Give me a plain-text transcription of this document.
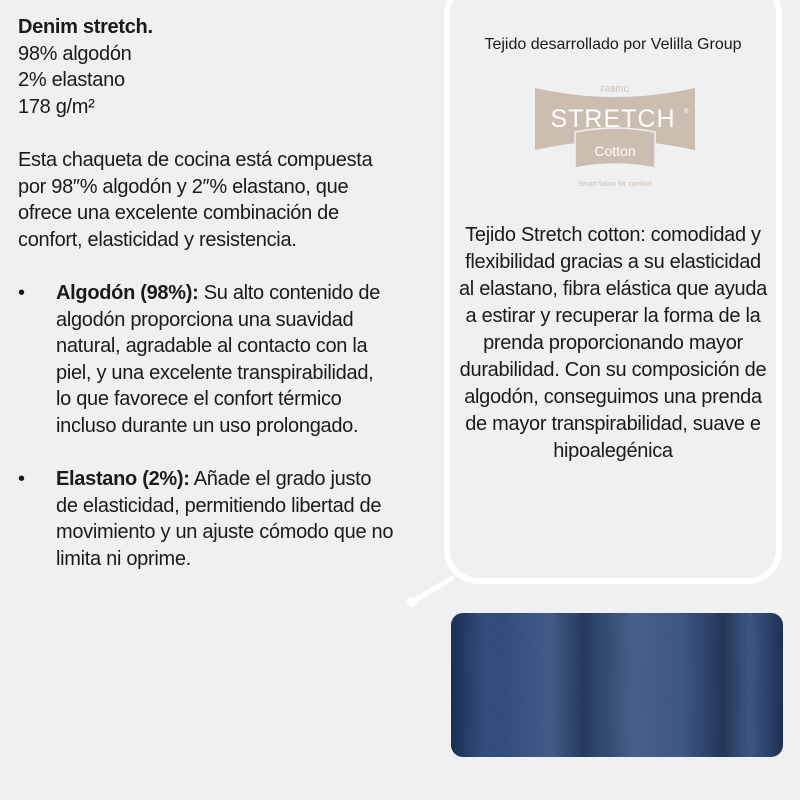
Denim stretch.

98% algodón

2% elastano

178 g/m²

Esta chaqueta de cocina está compuesta por 98″% algodón y 2″% elastano, que ofrece una excelente combinación de confort, elasticidad y resistencia.

• Algodón (98%): Su alto contenido de algodón proporciona una suavidad natural, agradable al contacto con la piel, y una excelente transpirabilidad, lo que favorece el confort térmico incluso durante un uso prolongado.
• Elastano (2%): Añade el grado justo de elasticidad, permitiendo libertad de movimiento y un ajuste cómodo que no limita ni oprime.
Tejido desarrollado por Velilla Group
FABRIC
STRETCH ®
Cotton
Smart fabric for comfort
Tejido Stretch cotton: comodidad y flexibilidad gracias a su elasticidad al elastano, fibra elástica que ayuda a estirar y recuperar la forma de la prenda proporcionando mayor durabilidad. Con su composición de algodón, conseguimos una prenda de mayor transpirabilidad, suave e hipoalegénica
